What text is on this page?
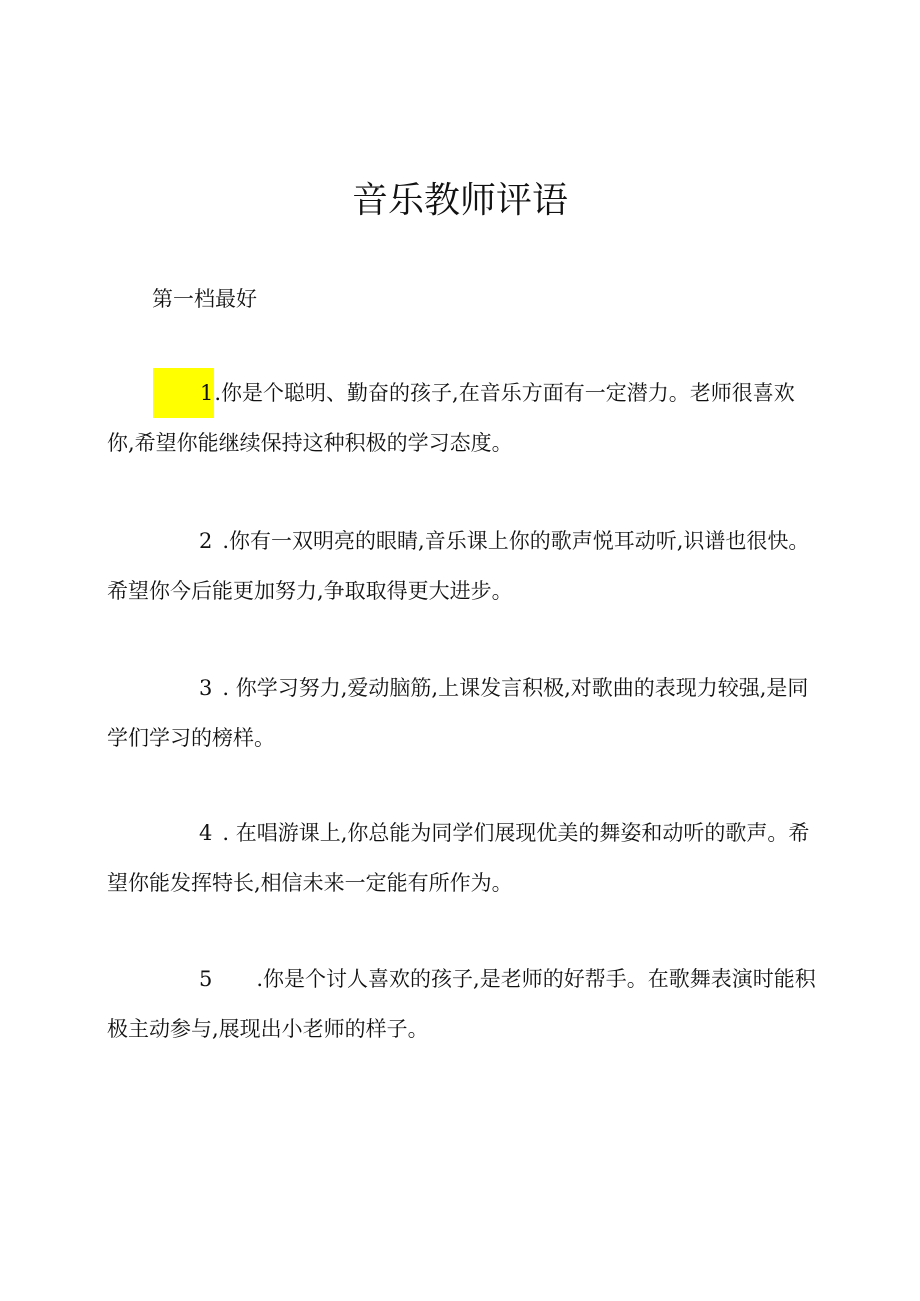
音乐教师评语

第一档最好

1.你是个聪明、勤奋的孩子,在音乐方面有一定潜力。老师很喜欢你,希望你能继续保持这种积极的学习态度。

2 .你有一双明亮的眼睛,音乐课上你的歌声悦耳动听,识谱也很快。希望你今后能更加努力,争取取得更大进步。

3 . 你学习努力,爱动脑筋,上课发言积极,对歌曲的表现力较强,是同学们学习的榜样。

4 . 在唱游课上,你总能为同学们展现优美的舞姿和动听的歌声。希望你能发挥特长,相信未来一定能有所作为。

5 .你是个讨人喜欢的孩子,是老师的好帮手。在歌舞表演时能积极主动参与,展现出小老师的样子。
